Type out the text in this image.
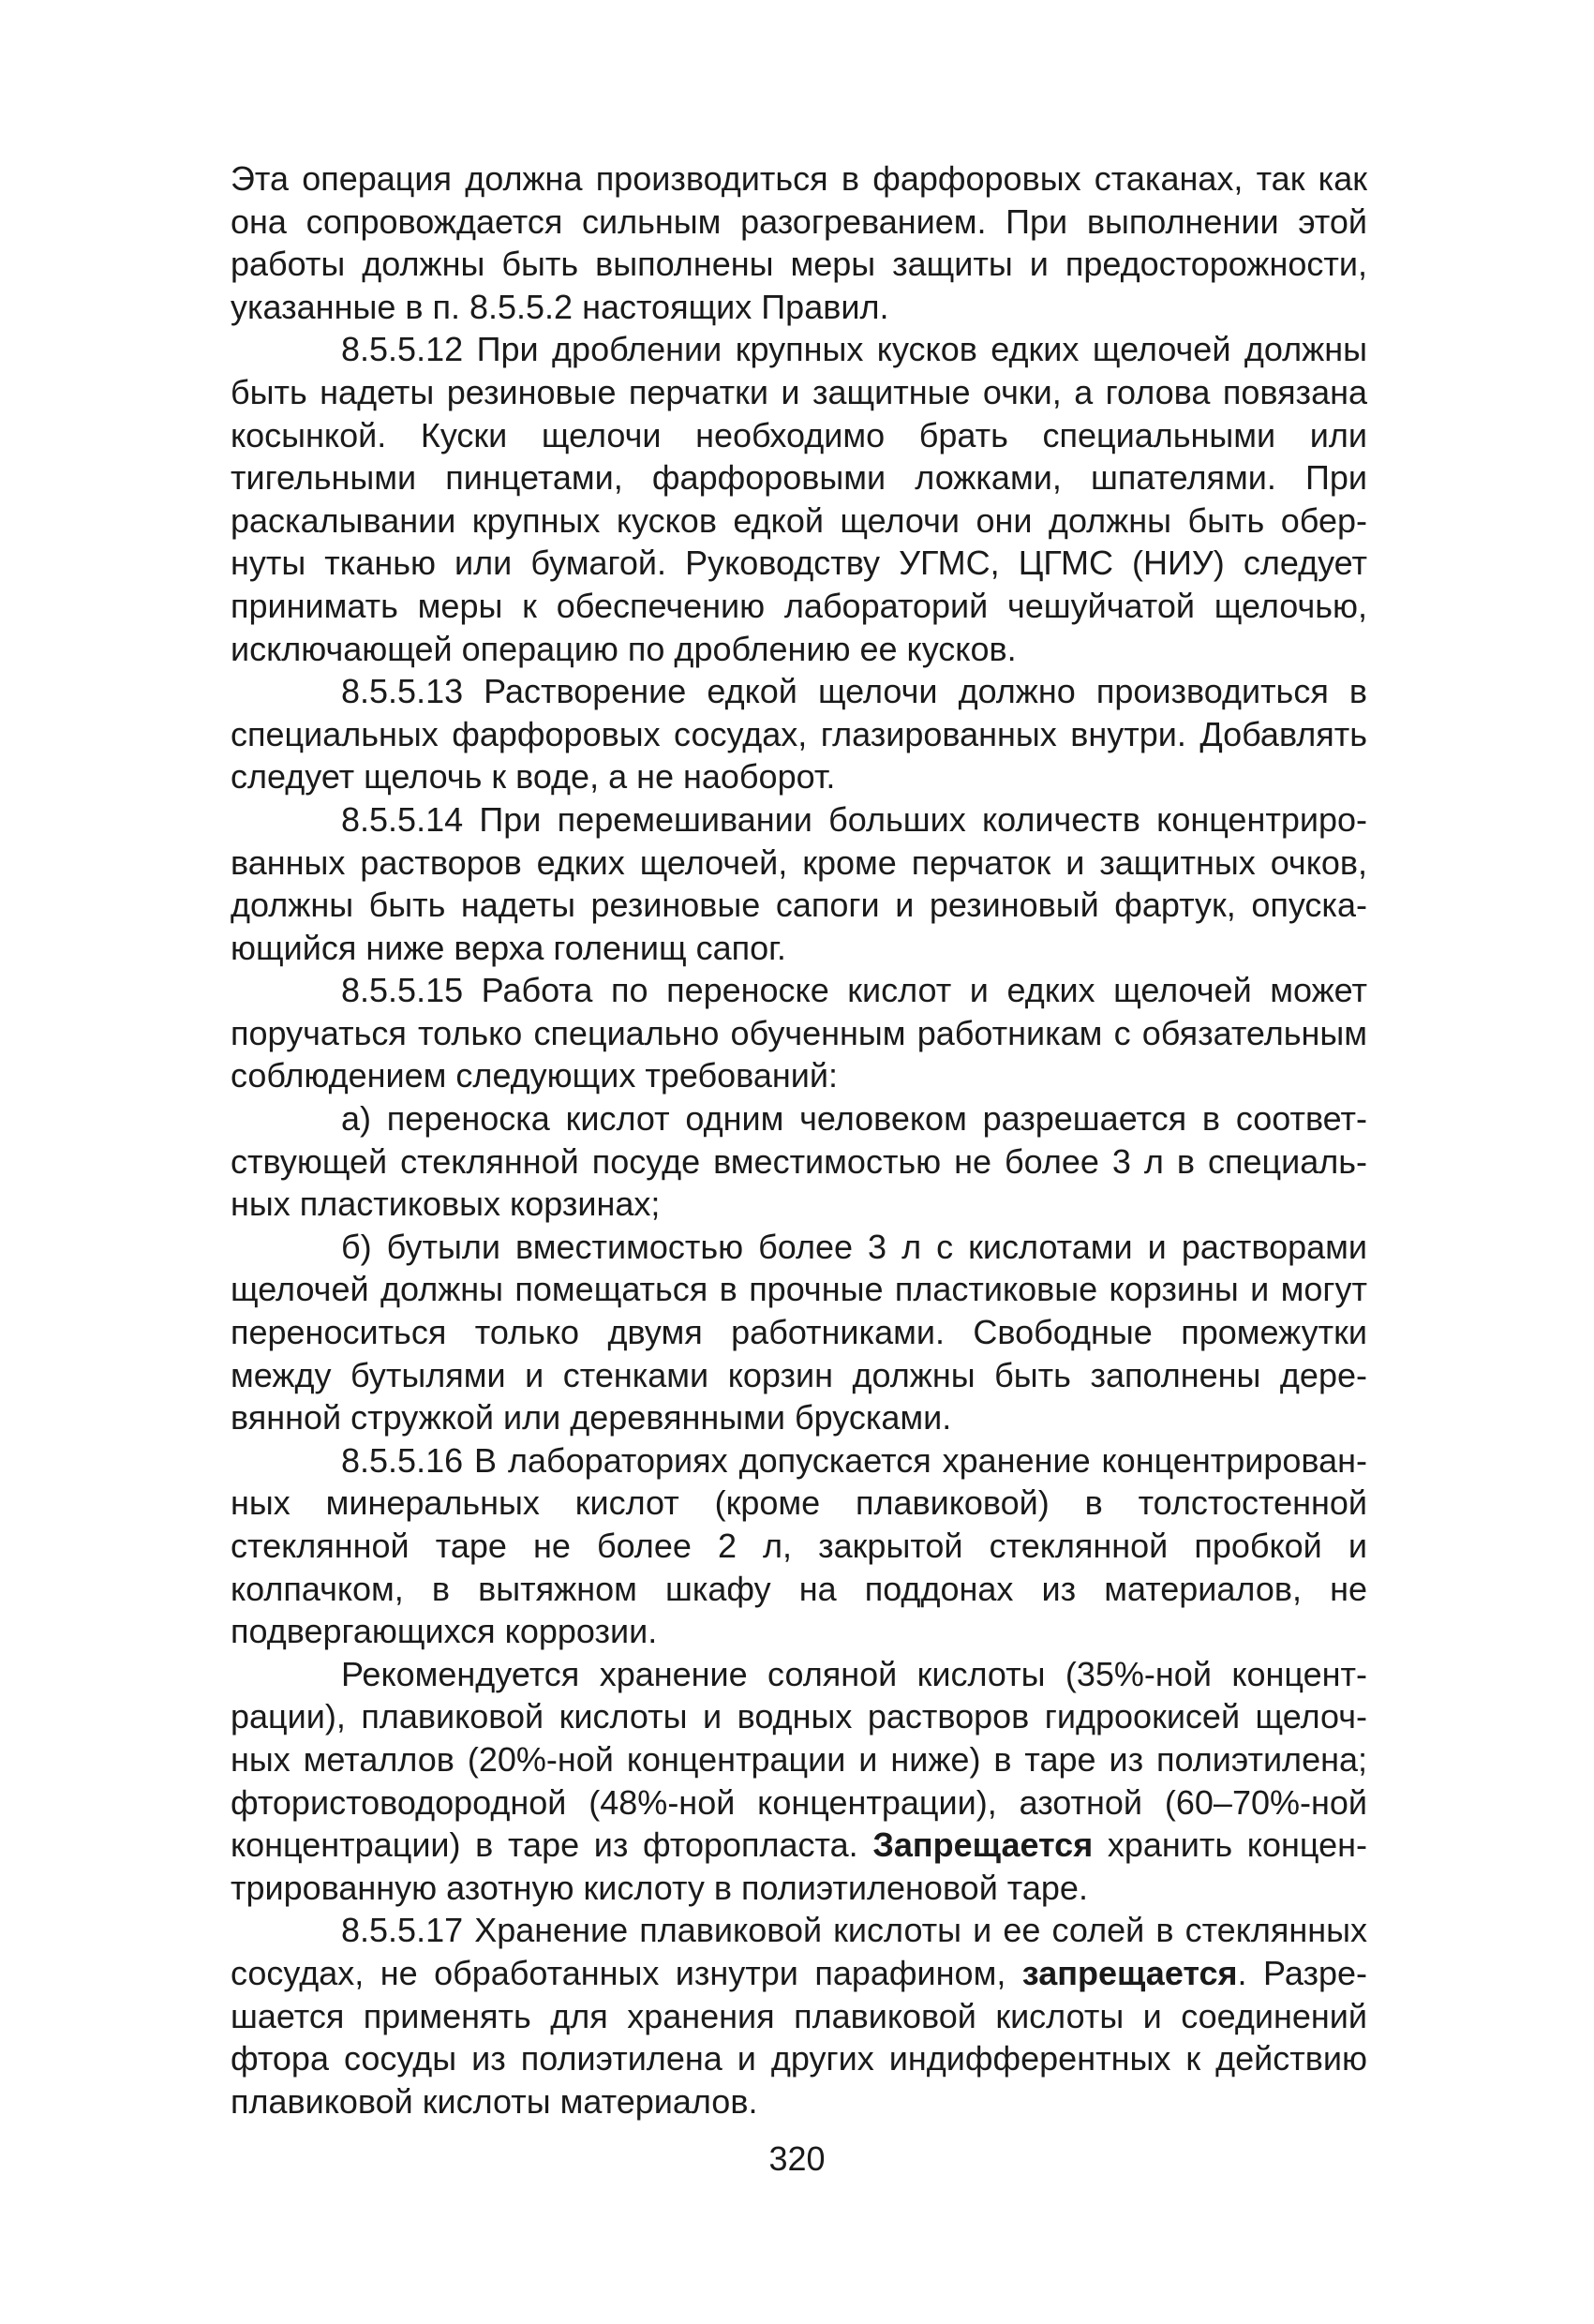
Эта операция должна производиться в фарфоровых стаканах, так как она сопровождается сильным разогреванием. При выполнении этой работы должны быть выполнены меры защиты и предосторожности, указанные в п. 8.5.5.2 настоящих Правил.

8.5.5.12 При дроблении крупных кусков едких щелочей должны быть надеты резиновые перчатки и защитные очки, а голова повязана косынкой. Куски щелочи необходимо брать специальными или тигельными пинцетами, фарфоровыми ложками, шпателями. При раскалывании крупных кусков едкой щелочи они должны быть обернуты тканью или бумагой. Руководству УГМС, ЦГМС (НИУ) следует принимать меры к обеспечению лабораторий чешуйчатой щелочью, исключающей операцию по дроблению ее кусков.

8.5.5.13 Растворение едкой щелочи должно производиться в специальных фарфоровых сосудах, глазированных внутри. Добавлять следует щелочь к воде, а не наоборот.

8.5.5.14 При перемешивании больших количеств концентрированных растворов едких щелочей, кроме перчаток и защитных очков, должны быть надеты резиновые сапоги и резиновый фартук, опускающийся ниже верха голенищ сапог.

8.5.5.15 Работа по переноске кислот и едких щелочей может поручаться только специально обученным работникам с обязательным соблюдением следующих требований:

а) переноска кислот одним человеком разрешается в соответствующей стеклянной посуде вместимостью не более 3 л в специальных пластиковых корзинах;

б) бутыли вместимостью более 3 л с кислотами и растворами щелочей должны помещаться в прочные пластиковые корзины и могут переноситься только двумя работниками. Свободные промежутки между бутылями и стенками корзин должны быть заполнены деревянной стружкой или деревянными брусками.

8.5.5.16 В лабораториях допускается хранение концентрированных минеральных кислот (кроме плавиковой) в толстостенной стеклянной таре не более 2 л, закрытой стеклянной пробкой и колпачком, в вытяжном шкафу на поддонах из материалов, не подвергающихся коррозии.

Рекомендуется хранение соляной кислоты (35%-ной концентрации), плавиковой кислоты и водных растворов гидроокисей щелочных металлов (20%-ной концентрации и ниже) в таре из полиэтилена; фтористоводородной (48%-ной концентрации), азотной (60–70%-ной концентрации) в таре из фторопласта. Запрещается хранить концентрированную азотную кислоту в полиэтиленовой таре.

8.5.5.17 Хранение плавиковой кислоты и ее солей в стеклянных сосудах, не обработанных изнутри парафином, запрещается. Разрешается применять для хранения плавиковой кислоты и соединений фтора сосуды из полиэтилена и других индифферентных к действию плавиковой кислоты материалов.

320
